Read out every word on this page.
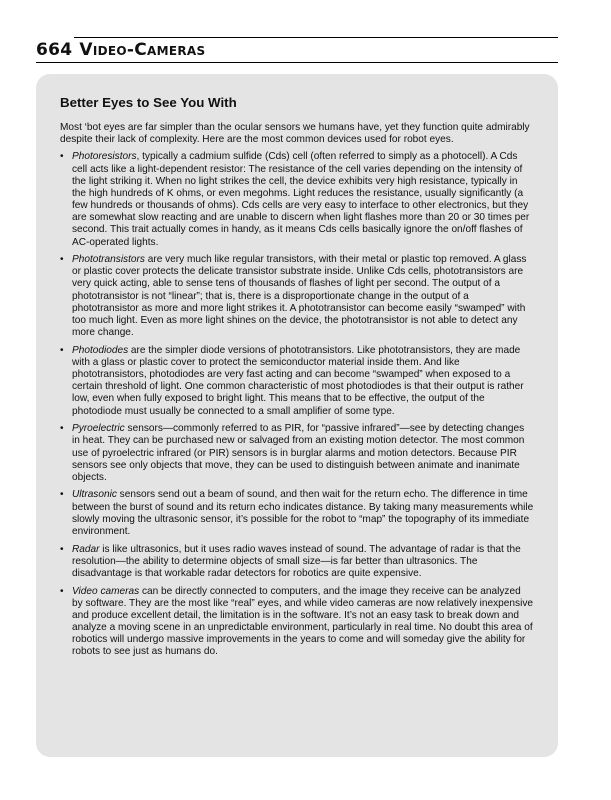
664 Video-Cameras
Better Eyes to See You With

Most ‘bot eyes are far simpler than the ocular sensors we humans have, yet they function quite admirably despite their lack of complexity. Here are the most common devices used for robot eyes.

• Photoresistors, typically a cadmium sulfide (Cds) cell (often referred to simply as a photocell). A Cds cell acts like a light-dependent resistor: The resistance of the cell varies depending on the intensity of the light striking it. When no light strikes the cell, the device exhibits very high resistance, typically in the high hundreds of K ohms, or even megohms. Light reduces the resistance, usually significantly (a few hundreds or thousands of ohms). Cds cells are very easy to interface to other electronics, but they are somewhat slow reacting and are unable to discern when light flashes more than 20 or 30 times per second. This trait actually comes in handy, as it means Cds cells basically ignore the on/off flashes of AC-operated lights.
• Phototransistors are very much like regular transistors, with their metal or plastic top removed. A glass or plastic cover protects the delicate transistor substrate inside. Unlike Cds cells, phototransistors are very quick acting, able to sense tens of thousands of flashes of light per second. The output of a phototransistor is not “linear”; that is, there is a disproportionate change in the output of a phototransistor as more and more light strikes it. A phototransistor can become easily “swamped” with too much light. Even as more light shines on the device, the phototransistor is not able to detect any more change.
• Photodiodes are the simpler diode versions of phototransistors. Like phototransistors, they are made with a glass or plastic cover to protect the semiconductor material inside them. And like phototransistors, photodiodes are very fast acting and can become “swamped” when exposed to a certain threshold of light. One common characteristic of most photodiodes is that their output is rather low, even when fully exposed to bright light. This means that to be effective, the output of the photodiode must usually be connected to a small amplifier of some type.
• Pyroelectric sensors—commonly referred to as PIR, for “passive infrared”—see by detecting changes in heat. They can be purchased new or salvaged from an existing motion detector. The most common use of pyroelectric infrared (or PIR) sensors is in burglar alarms and motion detectors. Because PIR sensors see only objects that move, they can be used to distinguish between animate and inanimate objects.
• Ultrasonic sensors send out a beam of sound, and then wait for the return echo. The difference in time between the burst of sound and its return echo indicates distance. By taking many measurements while slowly moving the ultrasonic sensor, it’s possible for the robot to “map” the topography of its immediate environment.
• Radar is like ultrasonics, but it uses radio waves instead of sound. The advantage of radar is that the resolution—the ability to determine objects of small size—is far better than ultrasonics. The disadvantage is that workable radar detectors for robotics are quite expensive.
• Video cameras can be directly connected to computers, and the image they receive can be analyzed by software. They are the most like “real” eyes, and while video cameras are now relatively inexpensive and produce excellent detail, the limitation is in the software. It’s not an easy task to break down and analyze a moving scene in an unpredictable environment, particularly in real time. No doubt this area of robotics will undergo massive improvements in the years to come and will someday give the ability for robots to see just as humans do.
